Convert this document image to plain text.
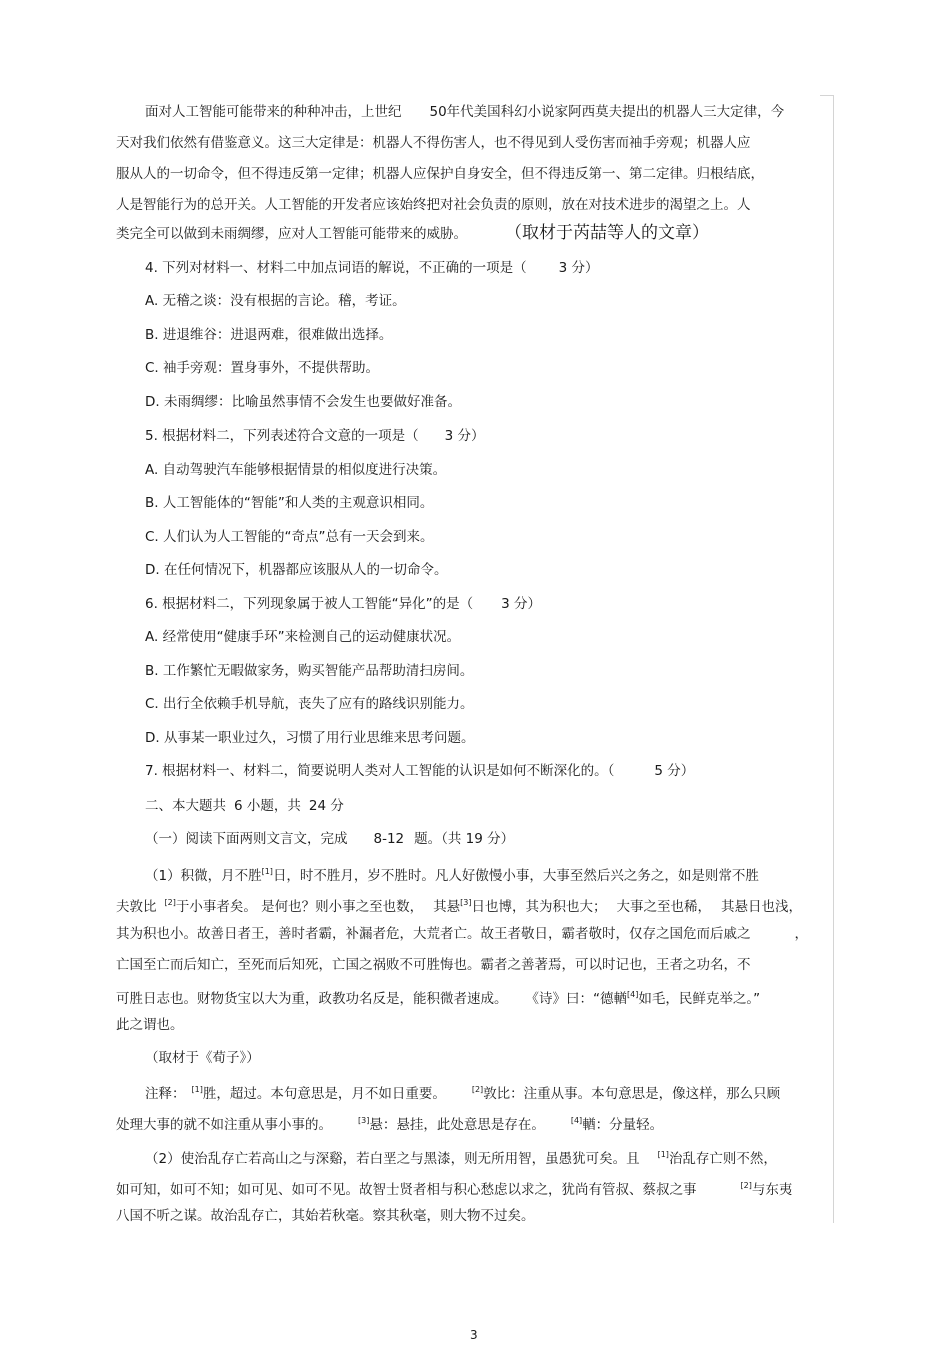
面对人工智能可能带来的种种冲击，上世纪 50年代美国科幻小说家阿西莫夫提出的机器人三大定律，今
天对我们依然有借鉴意义。这三大定律是：机器人不得伤害人，也不得见到人受伤害而袖手旁观；机器人应
服从人的一切命令，但不得违反第一定律；机器人应保护自身安全，但不得违反第一、第二定律。归根结底，
人是智能行为的总开关。人工智能的开发者应该始终把对社会负责的原则，放在对技术进步的渴望之上。人
类完全可以做到未雨绸缪，应对人工智能可能带来的威胁。 （取材于芮喆等人的文章）
4. 下列对材料一、材料二中加点词语的解说，不正确的一项是（ 3 分）
A. 无稽之谈：没有根据的言论。稽，考证。
B. 进退维谷：进退两难，很难做出选择。
C. 袖手旁观：置身事外，不提供帮助。
D. 未雨绸缪：比喻虽然事情不会发生也要做好准备。
5. 根据材料二，下列表述符合文意的一项是（ 3 分）
A. 自动驾驶汽车能够根据情景的相似度进行决策。
B. 人工智能体的“智能”和人类的主观意识相同。
C. 人们认为人工智能的“奇点”总有一天会到来。
D. 在任何情况下，机器都应该服从人的一切命令。
6. 根据材料二，下列现象属于被人工智能“异化”的是（ 3 分）
A. 经常使用“健康手环”来检测自己的运动健康状况。
B. 工作繁忙无暇做家务，购买智能产品帮助清扫房间。
C. 出行全依赖手机导航，丧失了应有的路线识别能力。
D. 从事某一职业过久，习惯了用行业思维来思考问题。
7. 根据材料一、材料二，简要说明人类对人工智能的认识是如何不断深化的。（	5 分）
二、本大题共 6 小题，共 24 分
（一）阅读下面两则文言文，完成 8-12 题。（共 19 分）
（1）积微，月不胜[1]日，时不胜月，岁不胜时。凡人好傲慢小事，大事至然后兴之务之，如是则常不胜
夫敦比 [2]于小事者矣。 是何也？则小事之至也数， 其悬[3]日也博，其为积也大； 大事之至也稀， 其悬日也浅，
其为积也小。故善日者王，善时者霸，补漏者危，大荒者亡。故王者敬日，霸者敬时，仅存之国危而后戚之	，
亡国至亡而后知亡，至死而后知死，亡国之祸败不可胜悔也。霸者之善著焉，可以时记也，王者之功名，不
可胜日志也。财物货宝以大为重，政教功名反是，能积微者速成。 《诗》曰：“德輶[4]如毛，民鲜克举之。”
此之谓也。
（取材于《荀子》）
注释： [1]胜，超过。本句意思是，月不如日重要。	[2]敦比：注重从事。本句意思是，像这样，那么只顾
处理大事的就不如注重从事小事的。	[3]悬：悬挂，此处意思是存在。	[4]輶：分量轻。
（2）使治乱存亡若高山之与深谿，若白垩之与黑漆，则无所用智，虽愚犹可矣。且 [1]治乱存亡则不然，
如可知，如可不知；如可见、如可不见。故智士贤者相与积心愁虑以求之，犹尚有管叔、蔡叔之事	[2]与东夷
八国不听之谋。故治乱存亡，其始若秋毫。察其秋毫，则大物不过矣。
3
